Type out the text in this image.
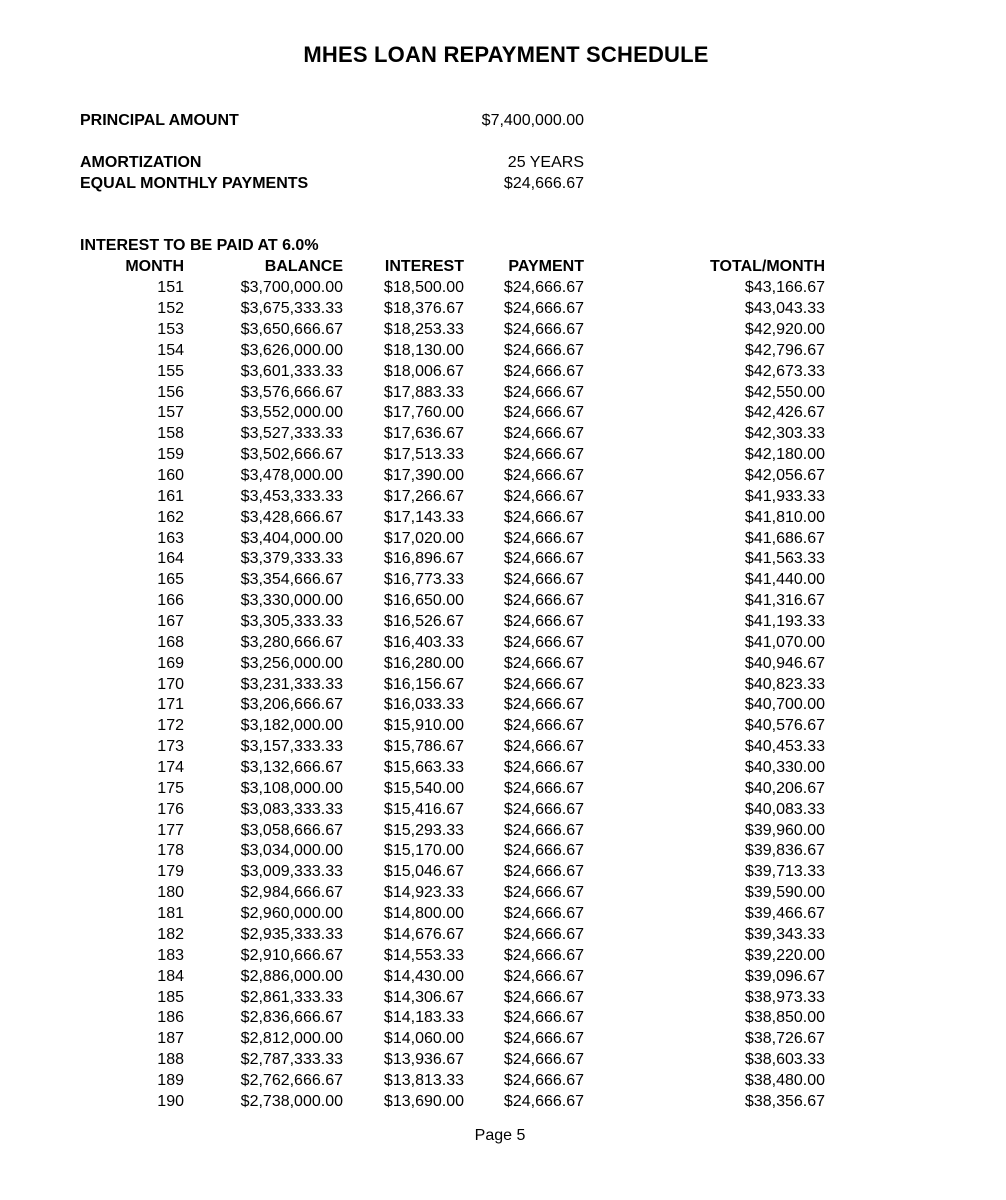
MHES LOAN REPAYMENT SCHEDULE
PRINCIPAL AMOUNT	$7,400,000.00
AMORTIZATION	25 YEARS
EQUAL MONTHLY PAYMENTS	$24,666.67
INTEREST TO BE PAID AT 6.0%
MONTH	BALANCE	INTEREST	PAYMENT	TOTAL/MONTH
151	$3,700,000.00	$18,500.00	$24,666.67	$43,166.67
152	$3,675,333.33	$18,376.67	$24,666.67	$43,043.33
153	$3,650,666.67	$18,253.33	$24,666.67	$42,920.00
154	$3,626,000.00	$18,130.00	$24,666.67	$42,796.67
155	$3,601,333.33	$18,006.67	$24,666.67	$42,673.33
156	$3,576,666.67	$17,883.33	$24,666.67	$42,550.00
157	$3,552,000.00	$17,760.00	$24,666.67	$42,426.67
158	$3,527,333.33	$17,636.67	$24,666.67	$42,303.33
159	$3,502,666.67	$17,513.33	$24,666.67	$42,180.00
160	$3,478,000.00	$17,390.00	$24,666.67	$42,056.67
161	$3,453,333.33	$17,266.67	$24,666.67	$41,933.33
162	$3,428,666.67	$17,143.33	$24,666.67	$41,810.00
163	$3,404,000.00	$17,020.00	$24,666.67	$41,686.67
164	$3,379,333.33	$16,896.67	$24,666.67	$41,563.33
165	$3,354,666.67	$16,773.33	$24,666.67	$41,440.00
166	$3,330,000.00	$16,650.00	$24,666.67	$41,316.67
167	$3,305,333.33	$16,526.67	$24,666.67	$41,193.33
168	$3,280,666.67	$16,403.33	$24,666.67	$41,070.00
169	$3,256,000.00	$16,280.00	$24,666.67	$40,946.67
170	$3,231,333.33	$16,156.67	$24,666.67	$40,823.33
171	$3,206,666.67	$16,033.33	$24,666.67	$40,700.00
172	$3,182,000.00	$15,910.00	$24,666.67	$40,576.67
173	$3,157,333.33	$15,786.67	$24,666.67	$40,453.33
174	$3,132,666.67	$15,663.33	$24,666.67	$40,330.00
175	$3,108,000.00	$15,540.00	$24,666.67	$40,206.67
176	$3,083,333.33	$15,416.67	$24,666.67	$40,083.33
177	$3,058,666.67	$15,293.33	$24,666.67	$39,960.00
178	$3,034,000.00	$15,170.00	$24,666.67	$39,836.67
179	$3,009,333.33	$15,046.67	$24,666.67	$39,713.33
180	$2,984,666.67	$14,923.33	$24,666.67	$39,590.00
181	$2,960,000.00	$14,800.00	$24,666.67	$39,466.67
182	$2,935,333.33	$14,676.67	$24,666.67	$39,343.33
183	$2,910,666.67	$14,553.33	$24,666.67	$39,220.00
184	$2,886,000.00	$14,430.00	$24,666.67	$39,096.67
185	$2,861,333.33	$14,306.67	$24,666.67	$38,973.33
186	$2,836,666.67	$14,183.33	$24,666.67	$38,850.00
187	$2,812,000.00	$14,060.00	$24,666.67	$38,726.67
188	$2,787,333.33	$13,936.67	$24,666.67	$38,603.33
189	$2,762,666.67	$13,813.33	$24,666.67	$38,480.00
190	$2,738,000.00	$13,690.00	$24,666.67	$38,356.67
Page 5
